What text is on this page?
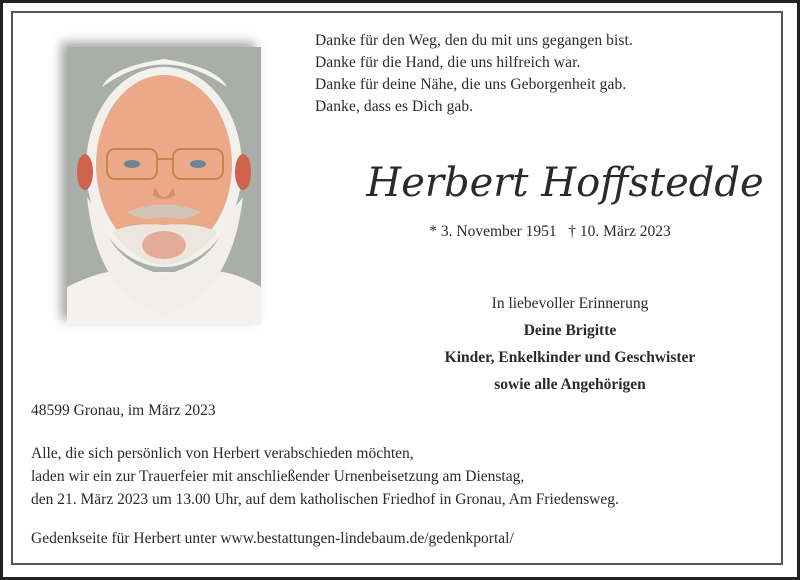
Danke für den Weg, den du mit uns gegangen bist.
Danke für die Hand, die uns hilfreich war.
Danke für deine Nähe, die uns Geborgenheit gab.
Danke, dass es Dich gab.
Herbert Hoffstedde
* 3. November 1951 † 10. März 2023
In liebevoller Erinnerung
Deine Brigitte
Kinder, Enkelkinder und Geschwister
sowie alle Angehörigen
48599 Gronau, im März 2023
Alle, die sich persönlich von Herbert verabschieden möchten,
laden wir ein zur Trauerfeier mit anschließender Urnenbeisetzung am Dienstag,
den 21. März 2023 um 13.00 Uhr, auf dem katholischen Friedhof in Gronau, Am Friedensweg.
Gedenkseite für Herbert unter www.bestattungen-lindebaum.de/gedenkportal/
